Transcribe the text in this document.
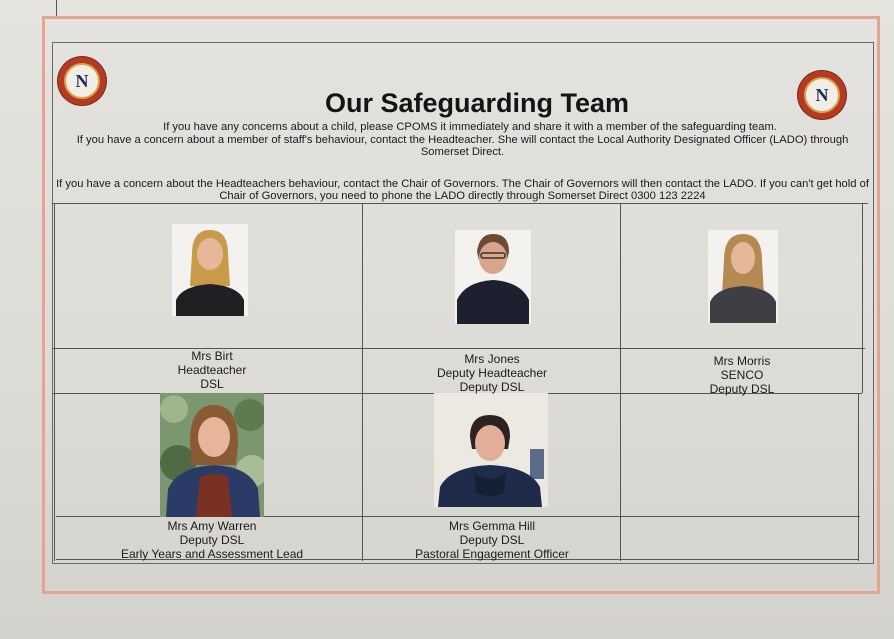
N
N
Our Safeguarding Team
If you have any concerns about a child, please CPOMS it immediately and share it with a member of the safeguarding team.
If you have a concern about a member of staff's behaviour, contact the Headteacher. She will contact the Local Authority Designated Officer (LADO) through Somerset Direct.
If you have a concern about the Headteachers behaviour, contact the Chair of Governors. The Chair of Governors will then contact the LADO. If you can't get hold of Chair of Governors, you need to phone the LADO directly through Somerset Direct 0300 123 2224
Mrs Birt
Headteacher
DSL
Mrs Jones
Deputy Headteacher
Deputy DSL
Mrs Morris
SENCO
Deputy DSL
Mrs Amy Warren
Deputy DSL
Early Years and Assessment Lead
Mrs Gemma Hill
Deputy DSL
Pastoral Engagement Officer
